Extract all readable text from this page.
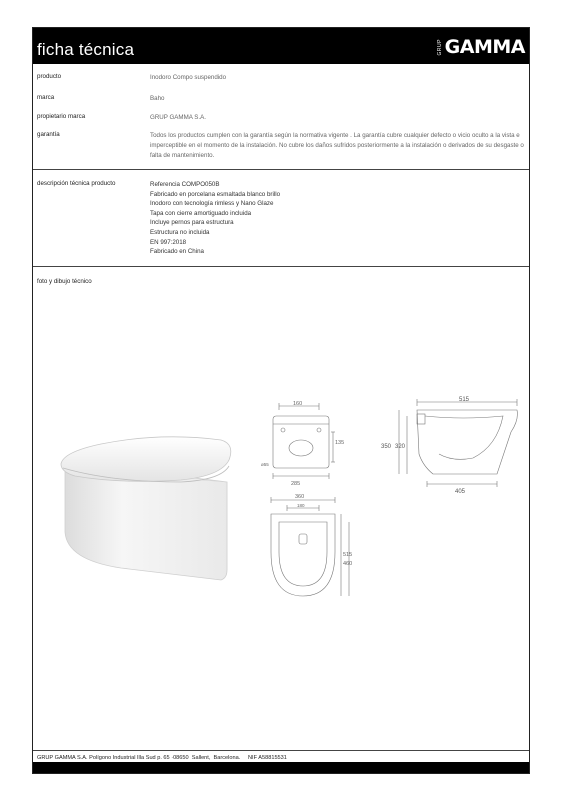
ficha técnica	GRUP GAMMA
producto	Inodoro Compo suspendido
marca	Baho
propietario marca	GRUP GAMMA S.A.
garantía	Todos los productos cumplen con la garantía según la normativa vigente . La garantía cubre cualquier defecto o vicio oculto a la vista e imperceptible en el momento de la instalación. No cubre los daños sufridos posteriormente a la instalación o derivados de su desgaste o falta de mantenimiento.
descripción técnica producto	Referencia COMPO050B
Fabricado en porcelana esmaltada blanco brillo
Inodoro con tecnología rimless y Nano Glaze
Tapa con cierre amortiguado incluida
Incluye pernos para estructura
Estructura no incluida
EN 997:2018
Fabricado en China
foto y dibujo técnico
160
135
285
ø55
515
350 320
405
360
180
515
460
GRUP GAMMA S.A. Polígono Industrial Illa Sud p. 65 ·08650  Sallent,  Barcelona.     NIF A58815531
